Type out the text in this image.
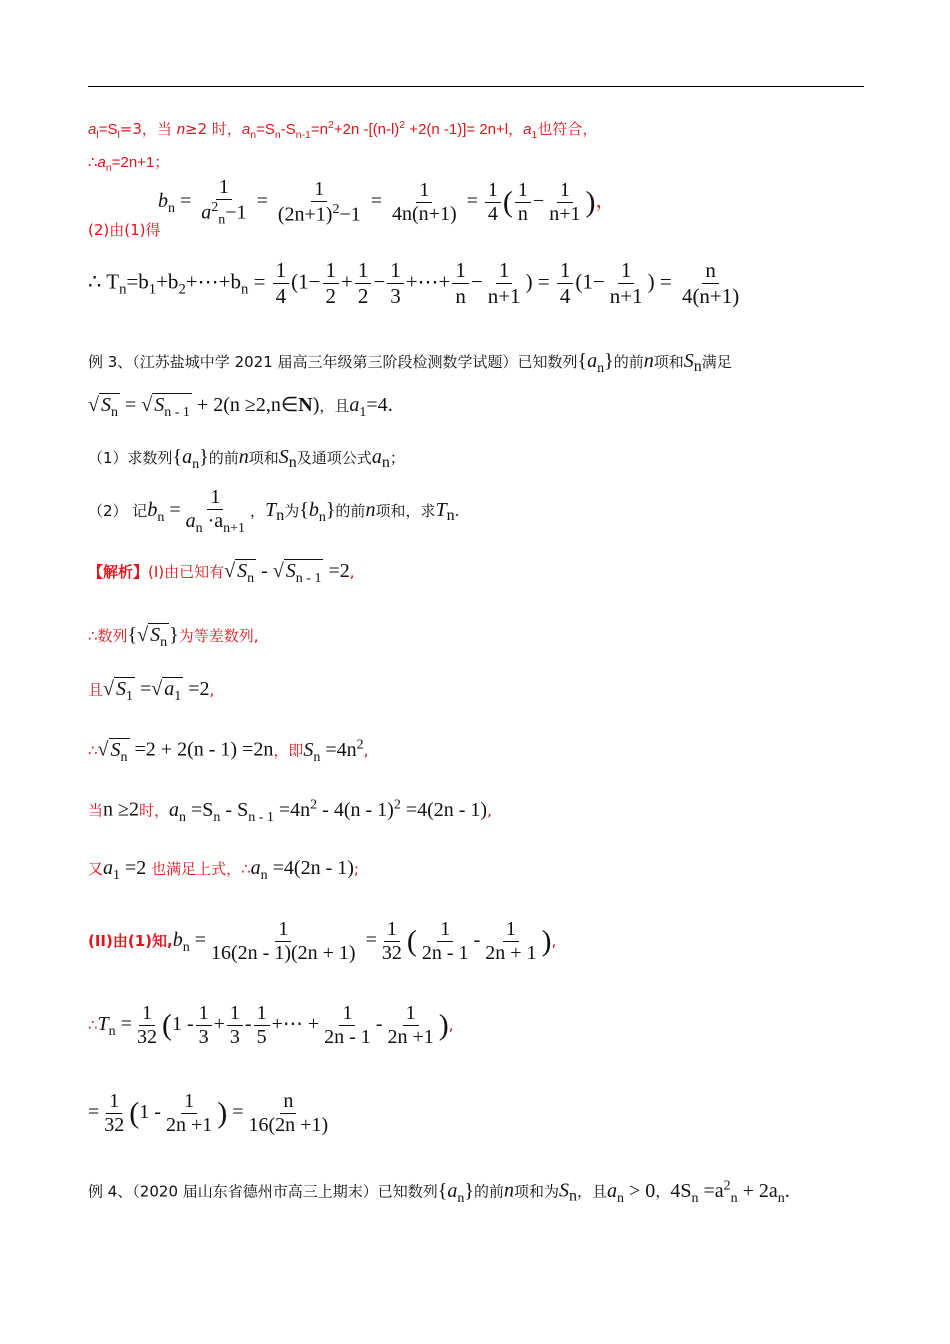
$a_l=S_l=3$，当 n≥2 时，$a_n=S_n-S_{n-1}=n^2+2n$ $-[(n-l)^2 +2(n$ -1)]= 2n+l，$a_1$也符合，
$\therefore a_n=2n+1$；
(2)由(1)得
$b_n = \frac{1}{a^2_n-1} = \frac{1}{(2n+1)^2-1} = \frac{1}{4n(n+1)} = \frac{1}{4}$ ( $\frac{1}{n} - \frac{1}{n+1}$ )，
∴ $T_n=b_1+b_2+\cdots+b_n = \frac{1}{4} (1- \frac{1}{2} + \frac{1}{2} - \frac{1}{3}$ +⋯+ $\frac{1}{n} - \frac{1}{n+1}$ ) = $\frac{1}{4} (1- \frac{1}{n+1}$ ) = $\frac{n}{4(n+1)}$
例 3、（江苏盐城中学 2021 届高三年级第三阶段检测数学试题）已知数列$\{a_n\}$的前n项和$S_n$满足
√ $S_n$ = √ $S_{n - 1} + 2(n$ ≥2,n∈N)，且$a_1=4$.
（1）求数列$\{a_n\}$的前n项和$S_n$及通项公式$a_n$；
（2） 记$b_n = \frac{1}{a_n \cdot a_{n+1}}$ ，$T_n$为$\{b_n\}$的前n项和，求$T_n$.
【解析】(I)由已知有√ $S_n$ - √ $S_{n - 1} =2$,
∴数列{√ $S_n$ }为等差数列,
且√ $S_1$ =√ $a_1 =2$,
∴√ $S_n =2 + 2(n - 1) =2n$，即$S_n =4n^2$,
当n ≥2时，$a_n =S_n - S_{n - 1} =4n^2 - 4(n - 1)^2 =4(2n - 1)$,
又$a_1 =2$ 也满足上式，$\therefore a_n =4(2n - 1)$;
(II)由(1)知$,b_n = \frac{1}{16(2n - 1)(2n + 1)} = \frac{1}{32}$ ( $\frac{1}{2n - 1} - \frac{1}{2n + 1}$ ),
$\therefore T_n = \frac{1}{32} (1 - \frac{1}{3} + \frac{1}{3} - \frac{1}{5}$ +⋯ + $\frac{1}{2n - 1} - \frac{1}{2n +1}$ ),
= $\frac{1}{32} (1 - \frac{1}{2n +1}$ ) = $\frac{n}{16(2n +1)}$
例 4、（2020 届山东省德州市高三上期末）已知数列$\{a_n\}$的前n项和为$S_n$，且$a_n > 0$，$4S_n =a^2_n + 2a_n$.
